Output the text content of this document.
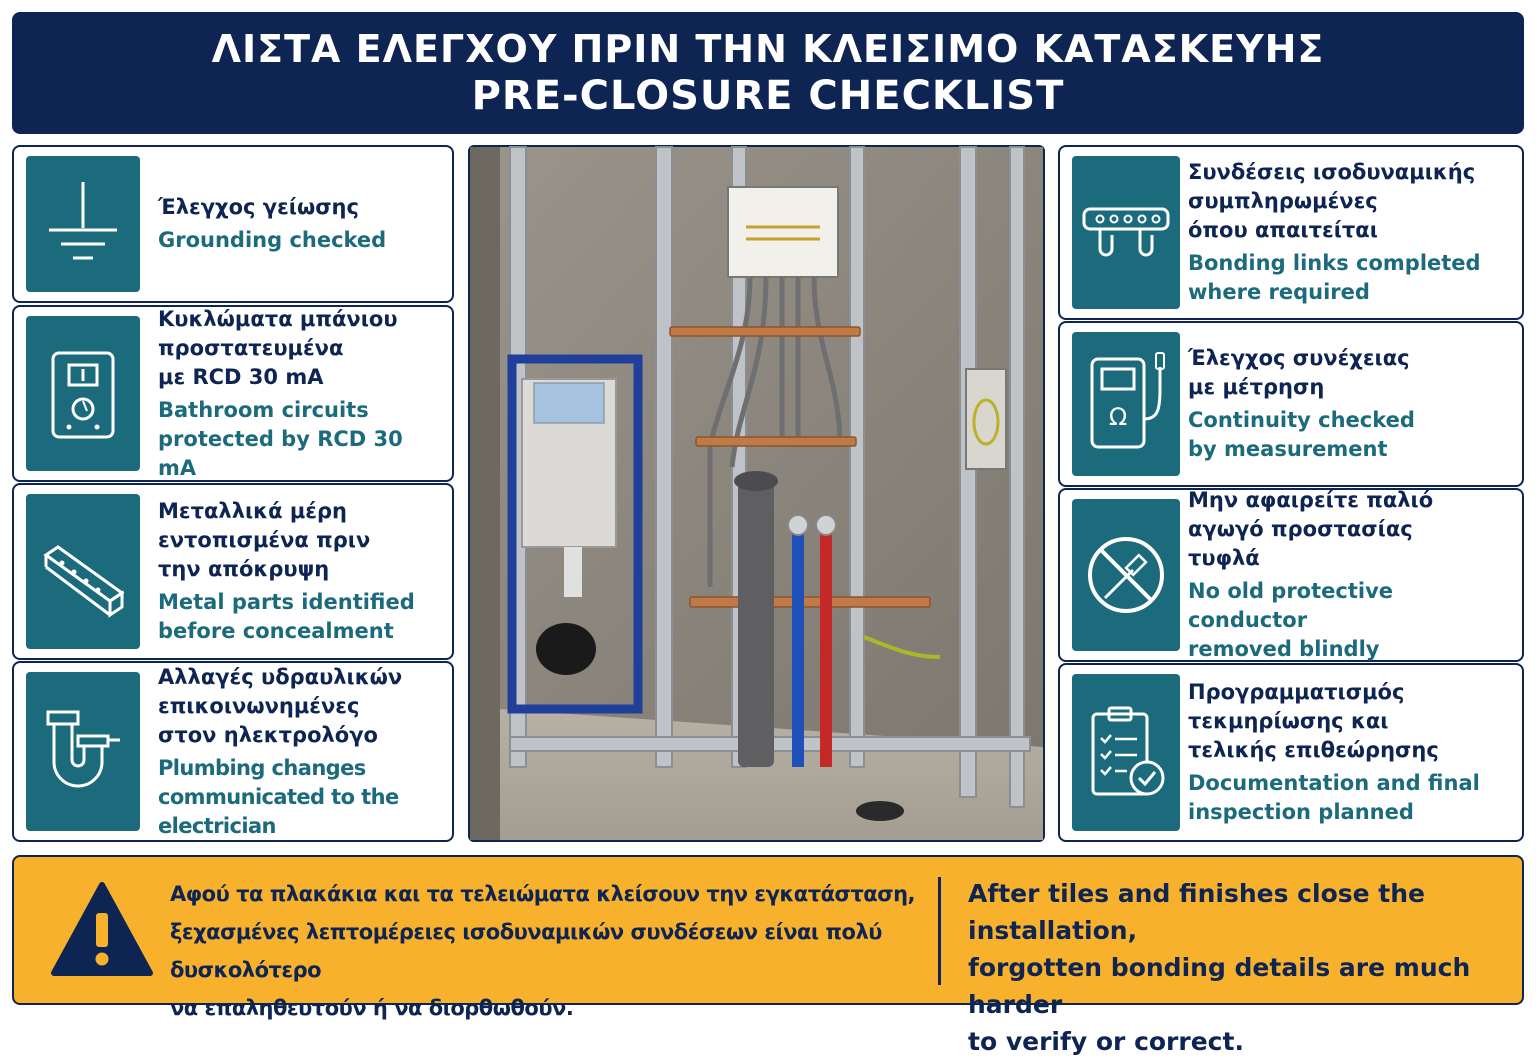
ΛΙΣΤΑ ΕΛΕΓΧΟΥ ΠΡΙΝ ΤΗΝ ΚΛΕΙΣΙΜΟ ΚΑΤΑΣΚΕΥΗΣ
PRE-CLOSURE CHECKLIST
Έλεγχος γείωσης
Grounding checked
Κυκλώματα μπάνιου
προστατευμένα
με RCD 30 mA
Bathroom circuits
protected by RCD 30 mA
Μεταλλικά μέρη
εντοπισμένα πριν
την απόκρυψη
Metal parts identified
before concealment
Αλλαγές υδραυλικών
επικοινωνημένες
στον ηλεκτρολόγο
Plumbing changes
communicated to the electrician
Συνδέσεις ισοδυναμικής
συμπληρωμένες
όπου απαιτείται
Bonding links completed
where required
Ω
Έλεγχος συνέχειας
με μέτρηση
Continuity checked
by measurement
Μην αφαιρείτε παλιό
αγωγό προστασίας
τυφλά
No old protective conductor
removed blindly
Προγραμματισμός
τεκμηρίωσης και
τελικής επιθεώρησης
Documentation and final
inspection planned
Αφού τα πλακάκια και τα τελειώματα κλείσουν την εγκατάσταση,
ξεχασμένες λεπτομέρειες ισοδυναμικών συνδέσεων είναι πολύ δυσκολότερο
να επαληθευτούν ή να διορθωθούν.
After tiles and finishes close the installation,
forgotten bonding details are much harder
to verify or correct.
